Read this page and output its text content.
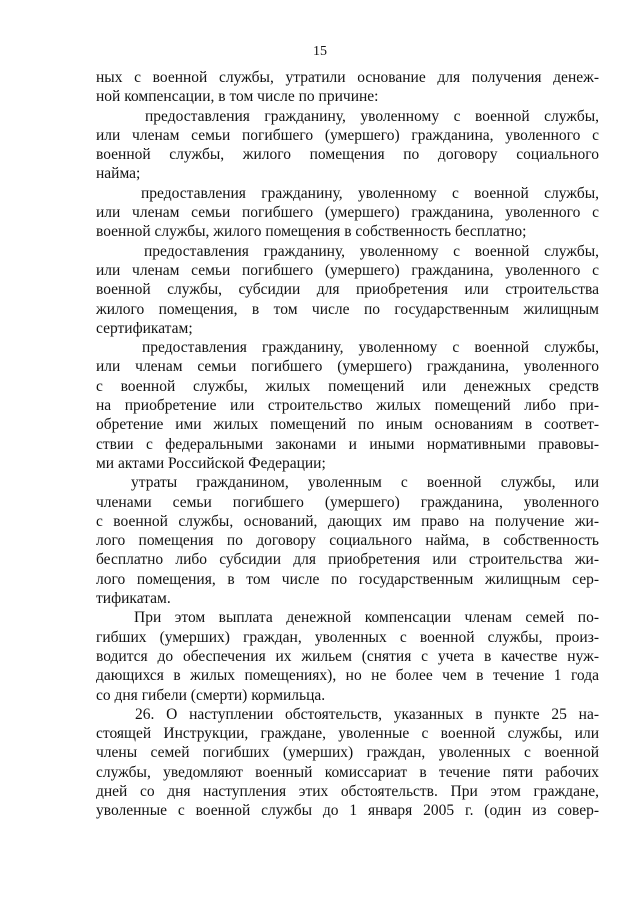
15
ных с военной службы, утратили основание для получения денеж-
ной компенсации, в том числе по причине:
предоставления гражданину, уволенному с военной службы,
или членам семьи погибшего (умершего) гражданина, уволенного с
военной службы, жилого помещения по договору социального
найма;
предоставления гражданину, уволенному с военной службы,
или членам семьи погибшего (умершего) гражданина, уволенного с
военной службы, жилого помещения в собственность бесплатно;
предоставления гражданину, уволенному с военной службы,
или членам семьи погибшего (умершего) гражданина, уволенного с
военной службы, субсидии для приобретения или строительства
жилого помещения, в том числе по государственным жилищным
сертификатам;
предоставления гражданину, уволенному с военной службы,
или членам семьи погибшего (умершего) гражданина, уволенного
с военной службы, жилых помещений или денежных средств
на приобретение или строительство жилых помещений либо при-
обретение ими жилых помещений по иным основаниям в соответ-
ствии с федеральными законами и иными нормативными правовы-
ми актами Российской Федерации;
утраты гражданином, уволенным с военной службы, или
членами семьи погибшего (умершего) гражданина, уволенного
с военной службы, оснований, дающих им право на получение жи-
лого помещения по договору социального найма, в собственность
бесплатно либо субсидии для приобретения или строительства жи-
лого помещения, в том числе по государственным жилищным сер-
тификатам.
При этом выплата денежной компенсации членам семей по-
гибших (умерших) граждан, уволенных с военной службы, произ-
водится до обеспечения их жильем (снятия с учета в качестве нуж-
дающихся в жилых помещениях), но не более чем в течение 1 года
со дня гибели (смерти) кормильца.
26. О наступлении обстоятельств, указанных в пункте 25 на-
стоящей Инструкции, граждане, уволенные с военной службы, или
члены семей погибших (умерших) граждан, уволенных с военной
службы, уведомляют военный комиссариат в течение пяти рабочих
дней со дня наступления этих обстоятельств. При этом граждане,
уволенные с военной службы до 1 января 2005 г. (один из совер-
